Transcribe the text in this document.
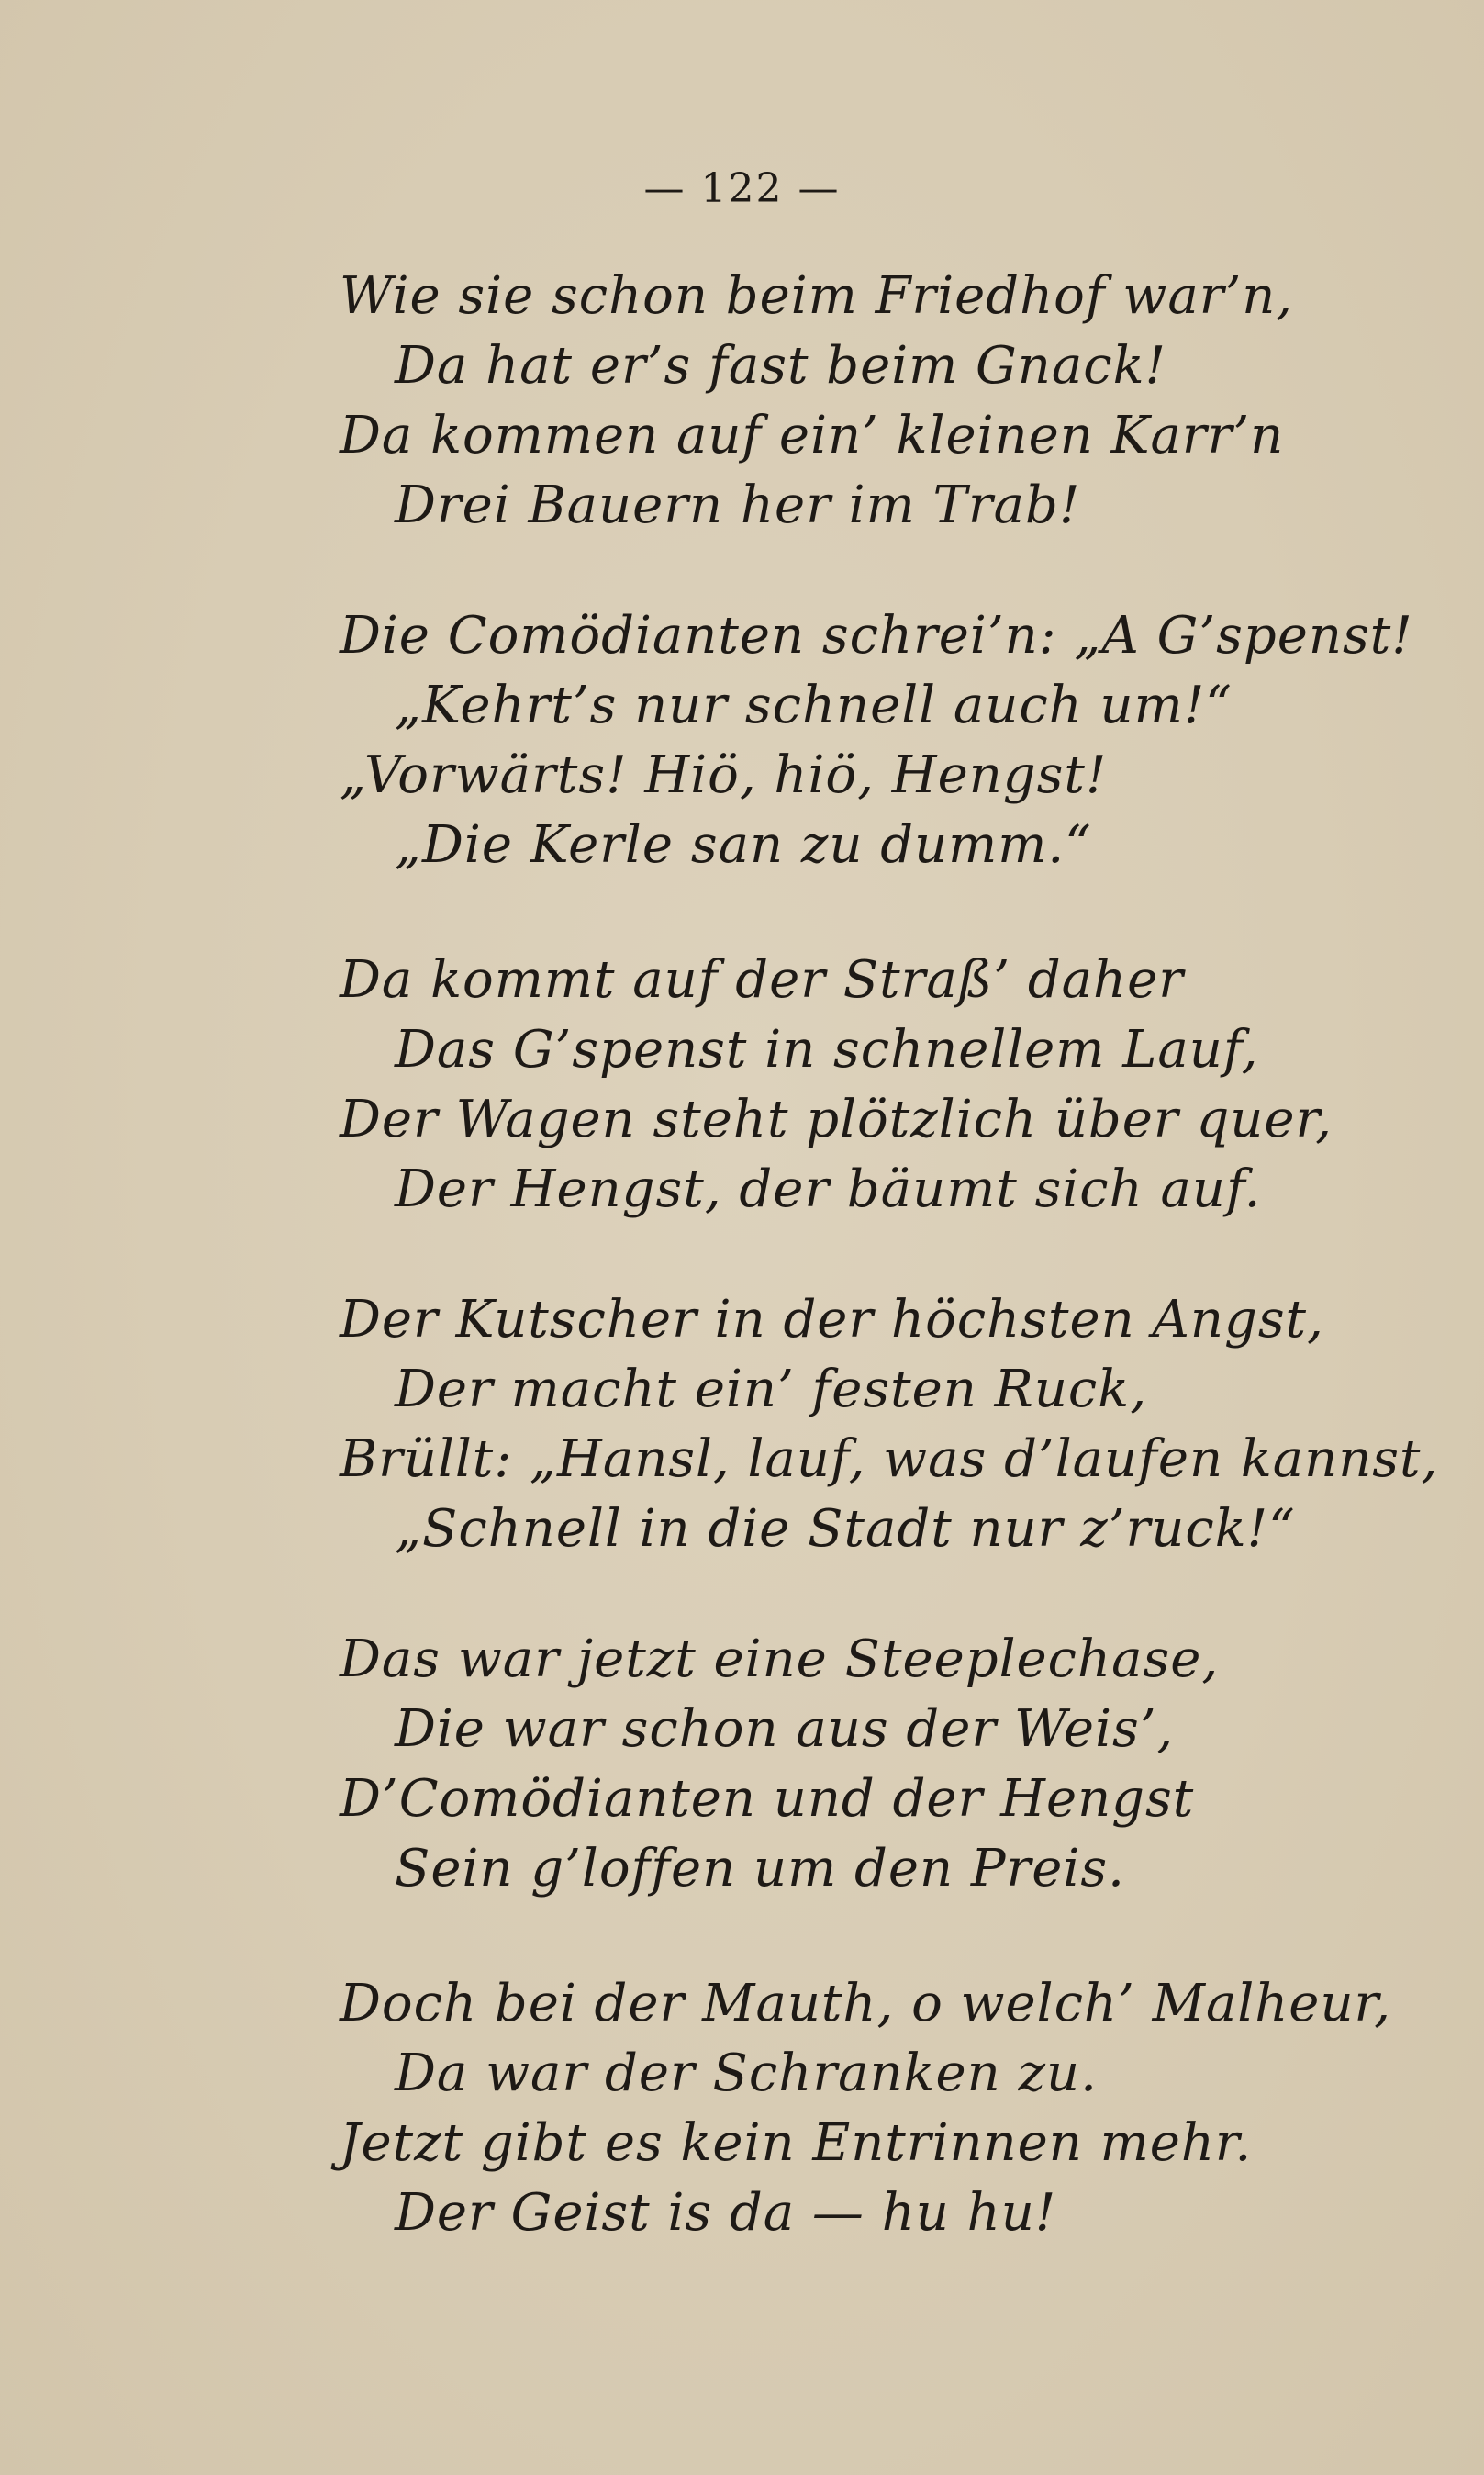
— 122 —
Wie sie schon beim Friedhof war’n,
Da hat er’s fast beim Gnack!
Da kommen auf ein’ kleinen Karr’n
Drei Bauern her im Trab!
Die Comödianten schrei’n: „A G’spenst!
„Kehrt’s nur schnell auch um!“
„Vorwärts! Hiö, hiö, Hengst!
„Die Kerle san zu dumm.“
Da kommt auf der Straß’ daher
Das G’spenst in schnellem Lauf,
Der Wagen steht plötzlich über quer,
Der Hengst, der bäumt sich auf.
Der Kutscher in der höchsten Angst,
Der macht ein’ festen Ruck,
Brüllt: „Hansl, lauf, was d’laufen kannst,
„Schnell in die Stadt nur z’ruck!“
Das war jetzt eine Steeplechase,
Die war schon aus der Weis’,
D’Comödianten und der Hengst
Sein g’loffen um den Preis.
Doch bei der Mauth, o welch’ Malheur,
Da war der Schranken zu.
Jetzt gibt es kein Entrinnen mehr.
Der Geist is da — hu hu!
